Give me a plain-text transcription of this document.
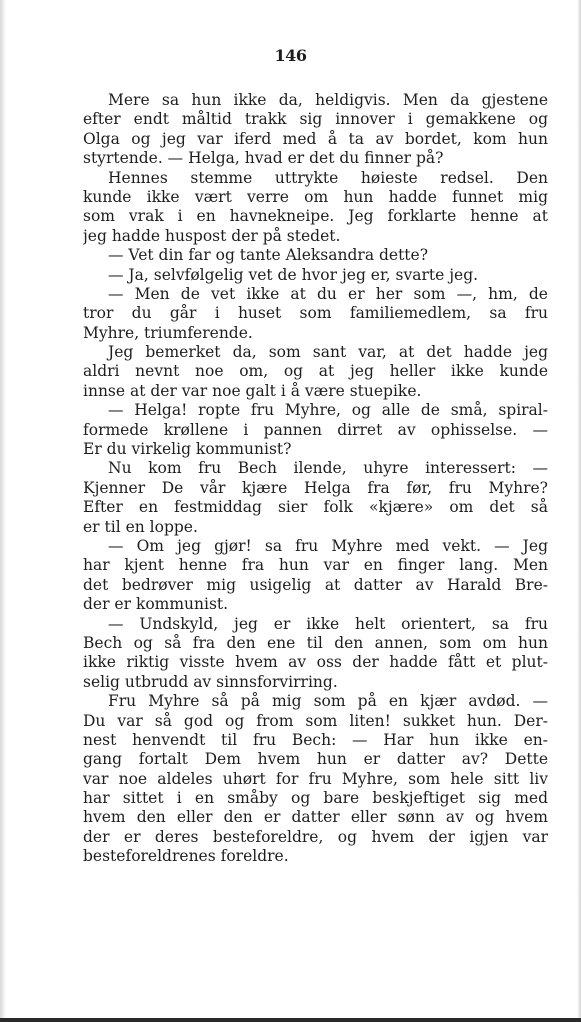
146
Mere sa hun ikke da, heldigvis. Men da gjestene
efter endt måltid trakk sig innover i gemakkene og
Olga og jeg var iferd med å ta av bordet, kom hun
styrtende. — Helga, hvad er det du finner på?
Hennes stemme uttrykte høieste redsel. Den
kunde ikke vært verre om hun hadde funnet mig
som vrak i en havnekneipe. Jeg forklarte henne at
jeg hadde huspost der på stedet.
— Vet din far og tante Aleksandra dette?
— Ja, selvfølgelig vet de hvor jeg er, svarte jeg.
— Men de vet ikke at du er her som —, hm, de
tror du går i huset som familiemedlem, sa fru
Myhre, triumferende.
Jeg bemerket da, som sant var, at det hadde jeg
aldri nevnt noe om, og at jeg heller ikke kunde
innse at der var noe galt i å være stuepike.
— Helga! ropte fru Myhre, og alle de små, spiral-
formede krøllene i pannen dirret av ophisselse. —
Er du virkelig kommunist?
Nu kom fru Bech ilende, uhyre interessert: —
Kjenner De vår kjære Helga fra før, fru Myhre?
Efter en festmiddag sier folk «kjære» om det så
er til en loppe.
— Om jeg gjør! sa fru Myhre med vekt. — Jeg
har kjent henne fra hun var en finger lang. Men
det bedrøver mig usigelig at datter av Harald Bre-
der er kommunist.
— Undskyld, jeg er ikke helt orientert, sa fru
Bech og så fra den ene til den annen, som om hun
ikke riktig visste hvem av oss der hadde fått et plut-
selig utbrudd av sinnsforvirring.
Fru Myhre så på mig som på en kjær avdød. —
Du var så god og from som liten! sukket hun. Der-
nest henvendt til fru Bech: — Har hun ikke en-
gang fortalt Dem hvem hun er datter av? Dette
var noe aldeles uhørt for fru Myhre, som hele sitt liv
har sittet i en småby og bare beskjeftiget sig med
hvem den eller den er datter eller sønn av og hvem
der er deres besteforeldre, og hvem der igjen var
besteforeldrenes foreldre.
